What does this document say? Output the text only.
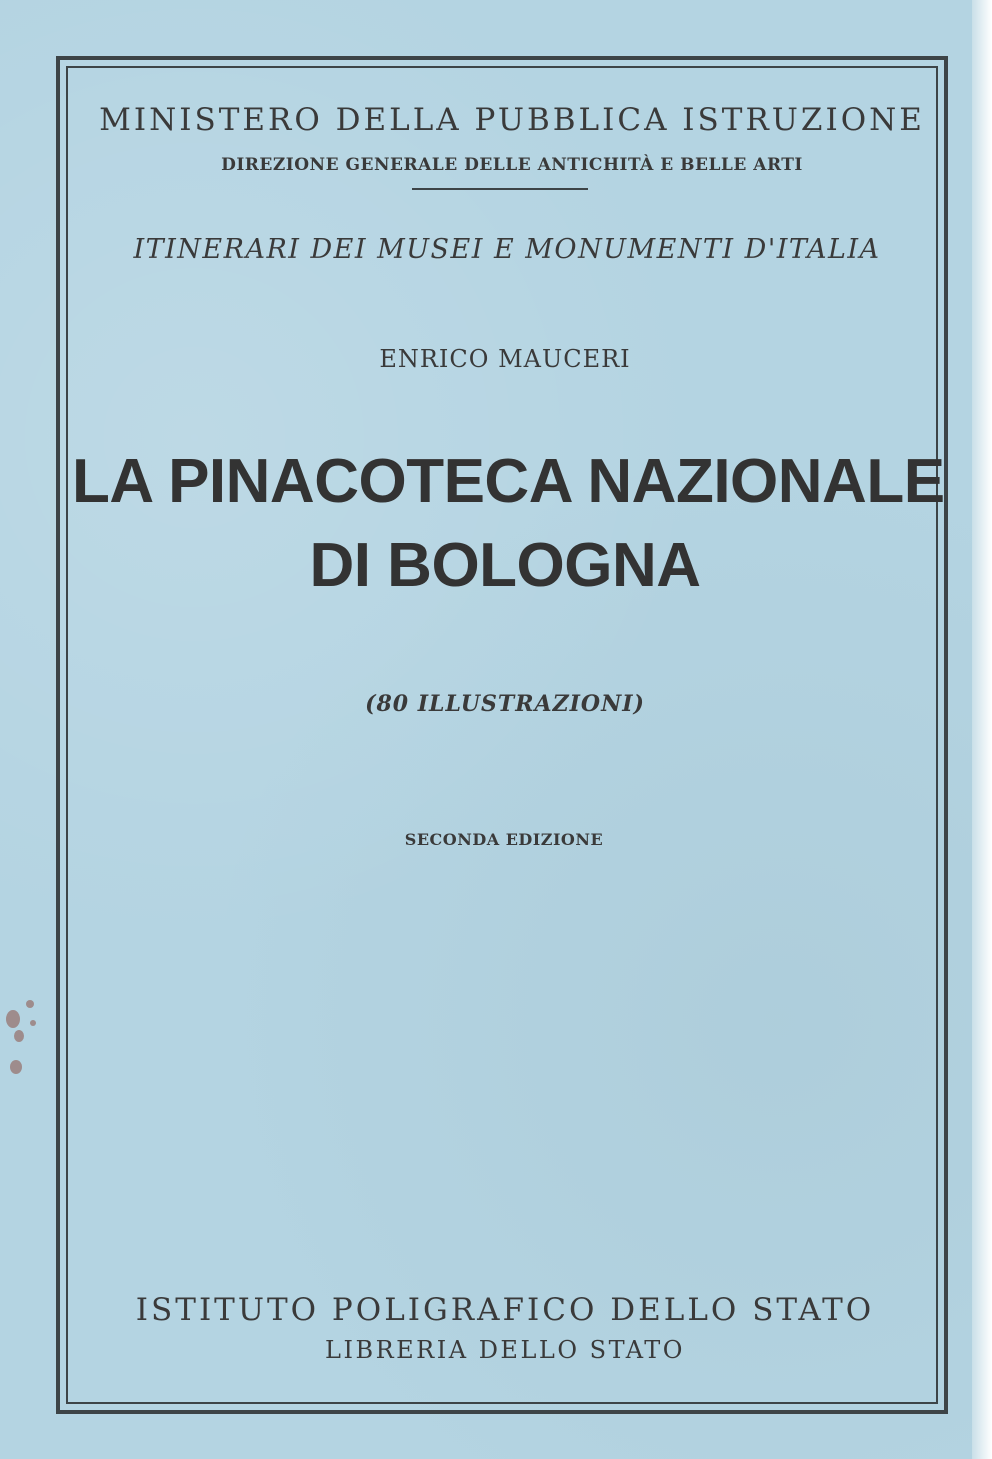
MINISTERO DELLA PUBBLICA ISTRUZIONE
DIREZIONE GENERALE DELLE ANTICHITÀ E BELLE ARTI
ITINERARI DEI MUSEI E MONUMENTI D'ITALIA
ENRICO MAUCERI
LA PINACOTECA NAZIONALE
DI BOLOGNA
(80 ILLUSTRAZIONI)
SECONDA EDIZIONE
ISTITUTO POLIGRAFICO DELLO STATO
LIBRERIA DELLO STATO
